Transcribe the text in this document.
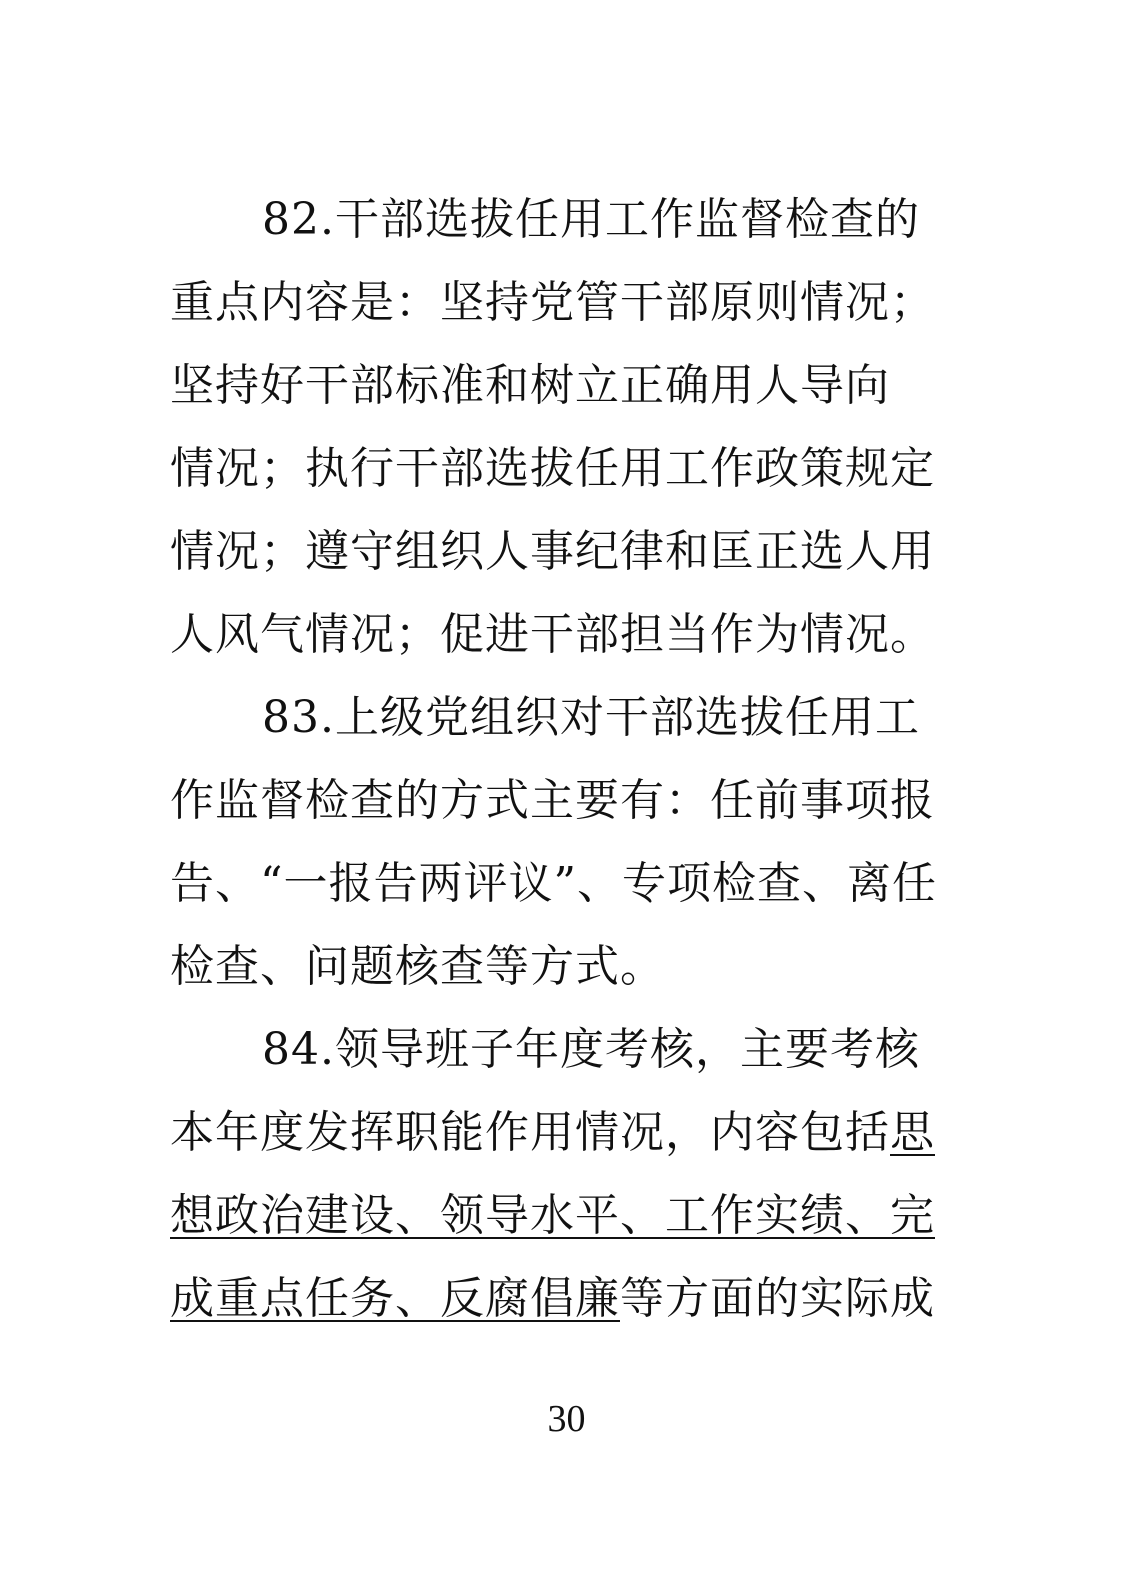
82.干部选拔任用工作监督检查的
重点内容是：坚持党管干部原则情况；
坚持好干部标准和树立正确用人导向
情况；执行干部选拔任用工作政策规定
情况；遵守组织人事纪律和匡正选人用
人风气情况；促进干部担当作为情况。
83.上级党组织对干部选拔任用工
作监督检查的方式主要有：任前事项报
告、“一报告两评议”、专项检查、离任
检查、问题核查等方式。
84.领导班子年度考核，主要考核
本年度发挥职能作用情况，内容包括思
想政治建设、领导水平、工作实绩、完
成重点任务、反腐倡廉等方面的实际成
30
